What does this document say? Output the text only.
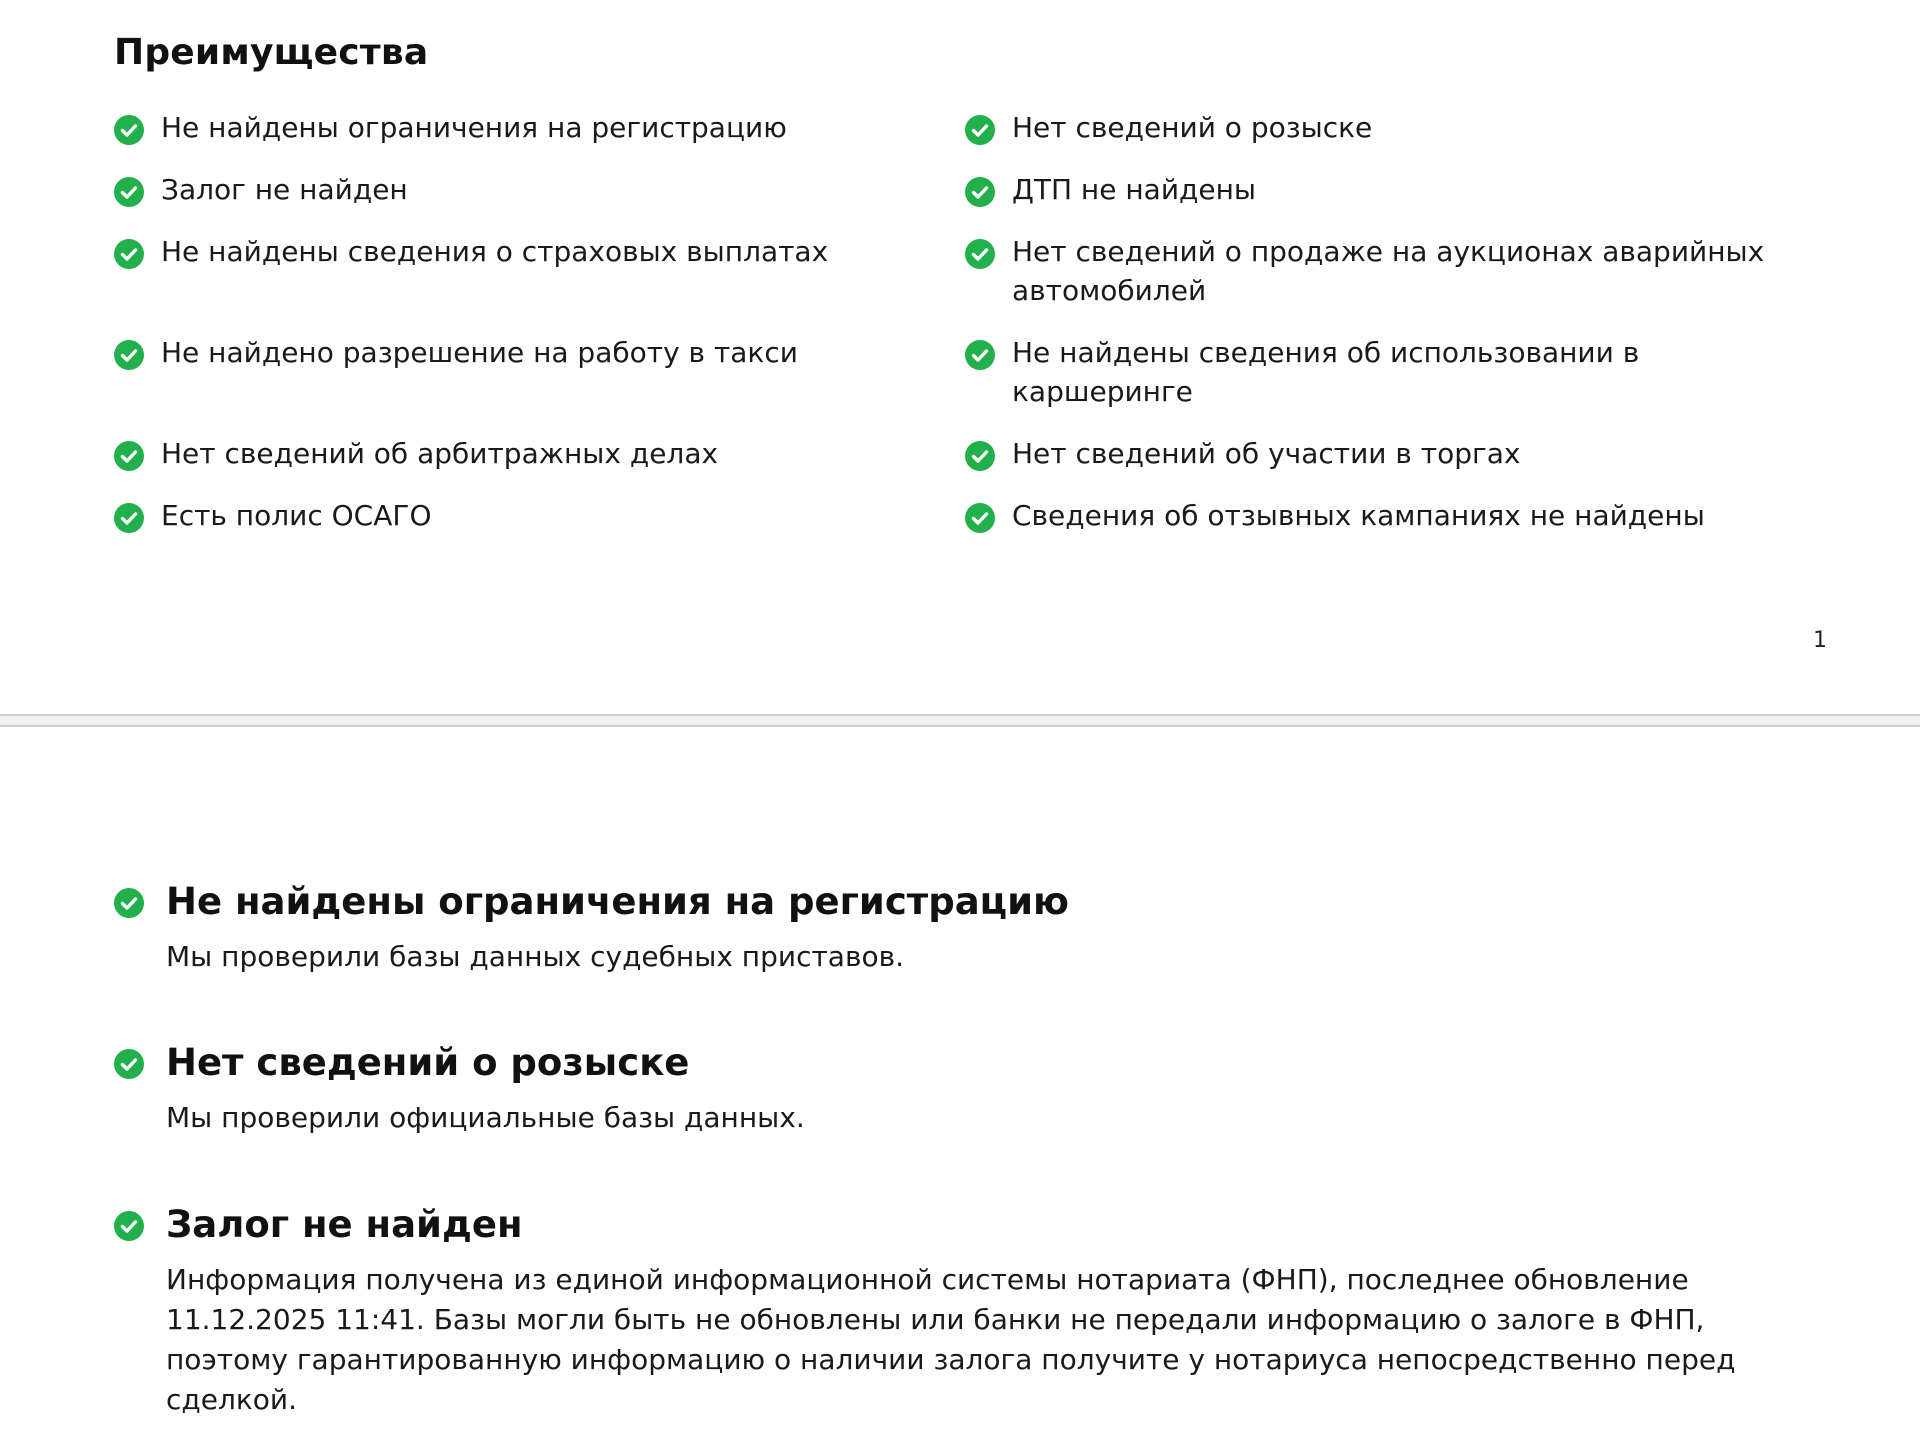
Преимущества
Не найдены ограничения на регистрацию
Залог не найден
Не найдены сведения о страховых выплатах
Не найдено разрешение на работу в такси
Нет сведений об арбитражных делах
Есть полис ОСАГО
Нет сведений о розыске
ДТП не найдены
Нет сведений о продаже на аукционах аварийных автомобилей
Не найдены сведения об использовании в каршеринге
Нет сведений об участии в торгах
Сведения об отзывных кампаниях не найдены
1
Не найдены ограничения на регистрацию

Мы проверили базы данных судебных приставов.

Нет сведений о розыске

Мы проверили официальные базы данных.

Залог не найден

Информация получена из единой информационной системы нотариата (ФНП), последнее обновление 11.12.2025 11:41. Базы могли быть не обновлены или банки не передали информацию о залоге в ФНП, поэтому гарантированную информацию о наличии залога получите у нотариуса непосредственно перед сделкой.
